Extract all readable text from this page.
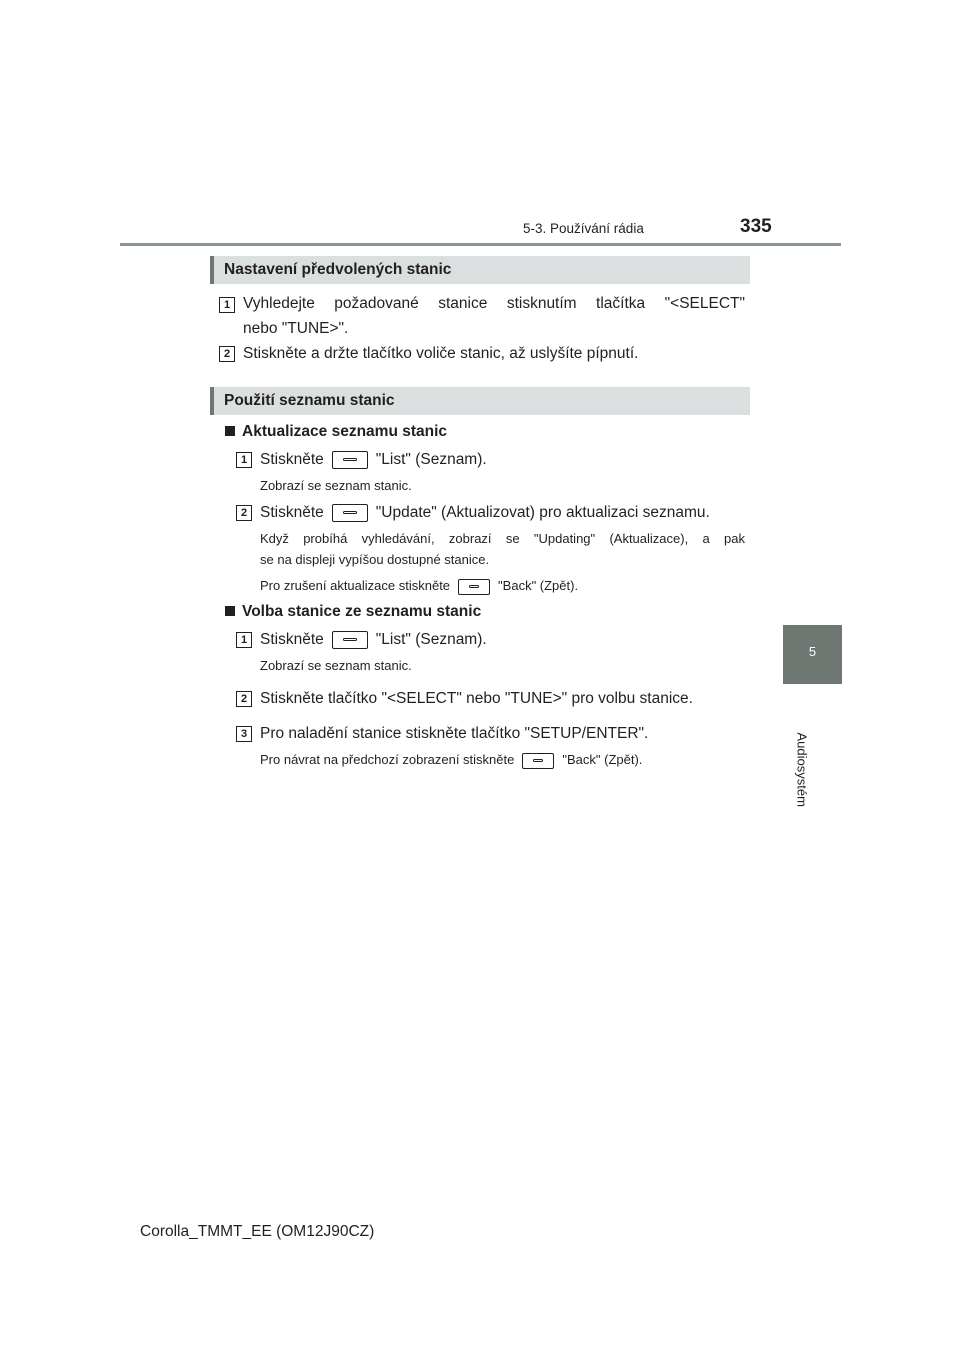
5-3. Používání rádia	335
5
Audiosystém
Nastavení předvolených stanic
1 Vyhledejte požadované stanice stisknutím tlačítka "<SELECT"
nebo "TUNE>".
2 Stiskněte a držte tlačítko voliče stanic, až uslyšíte pípnutí.
Použití seznamu stanic
Aktualizace seznamu stanic
1 Stiskněte	"List" (Seznam).
Zobrazí se seznam stanic.
2 Stiskněte	"Update" (Aktualizovat) pro aktualizaci seznamu.
Když probíhá vyhledávání, zobrazí se "Updating" (Aktualizace), a pak
se na displeji vypíšou dostupné stanice.
Pro zrušení aktualizace stiskněte	"Back" (Zpět).
Volba stanice ze seznamu stanic
1 Stiskněte	"List" (Seznam).
Zobrazí se seznam stanic.
2 Stiskněte tlačítko "<SELECT" nebo "TUNE>" pro volbu stanice.
3 Pro naladění stanice stiskněte tlačítko "SETUP/ENTER".
Pro návrat na předchozí zobrazení stiskněte	"Back" (Zpět).
Corolla_TMMT_EE (OM12J90CZ)
